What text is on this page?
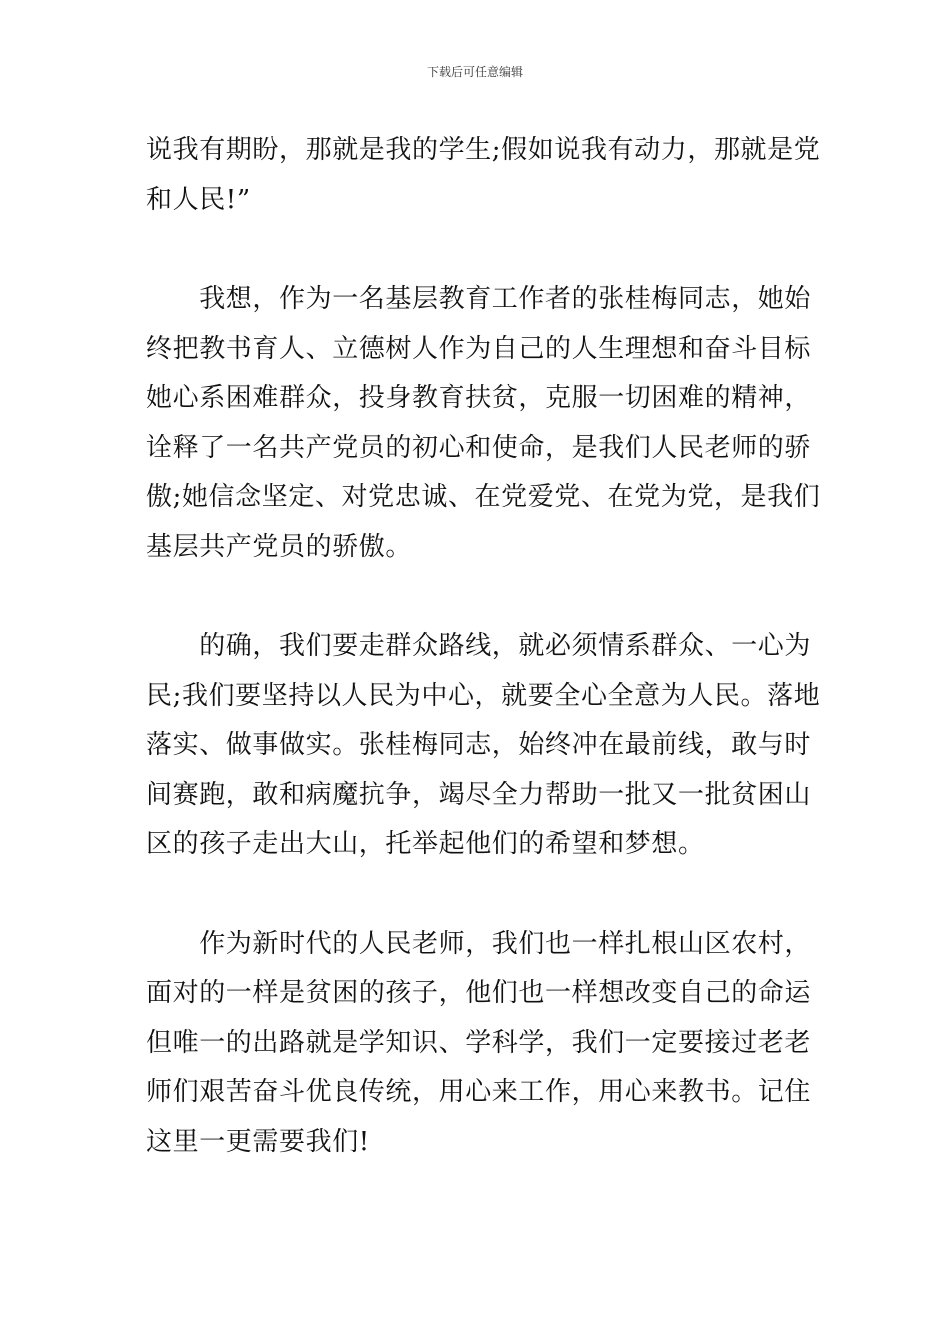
下载后可任意编辑
说我有期盼，那就是我的学生;假如说我有动力，那就是党
和人民!”
　　我想，作为一名基层教育工作者的张桂梅同志，她始
终把教书育人、立德树人作为自己的人生理想和奋斗目标
她心系困难群众，投身教育扶贫，克服一切困难的精神，
诠释了一名共产党员的初心和使命，是我们人民老师的骄
傲;她信念坚定、对党忠诚、在党爱党、在党为党，是我们
基层共产党员的骄傲。
　　的确，我们要走群众路线，就必须情系群众、一心为
民;我们要坚持以人民为中心，就要全心全意为人民。落地
落实、做事做实。张桂梅同志，始终冲在最前线，敢与时
间赛跑，敢和病魔抗争，竭尽全力帮助一批又一批贫困山
区的孩子走出大山，托举起他们的希望和梦想。
　　作为新时代的人民老师，我们也一样扎根山区农村，
面对的一样是贫困的孩子，他们也一样想改变自己的命运
但唯一的出路就是学知识、学科学，我们一定要接过老老
师们艰苦奋斗优良传统，用心来工作，用心来教书。记住
这里一更需要我们!
